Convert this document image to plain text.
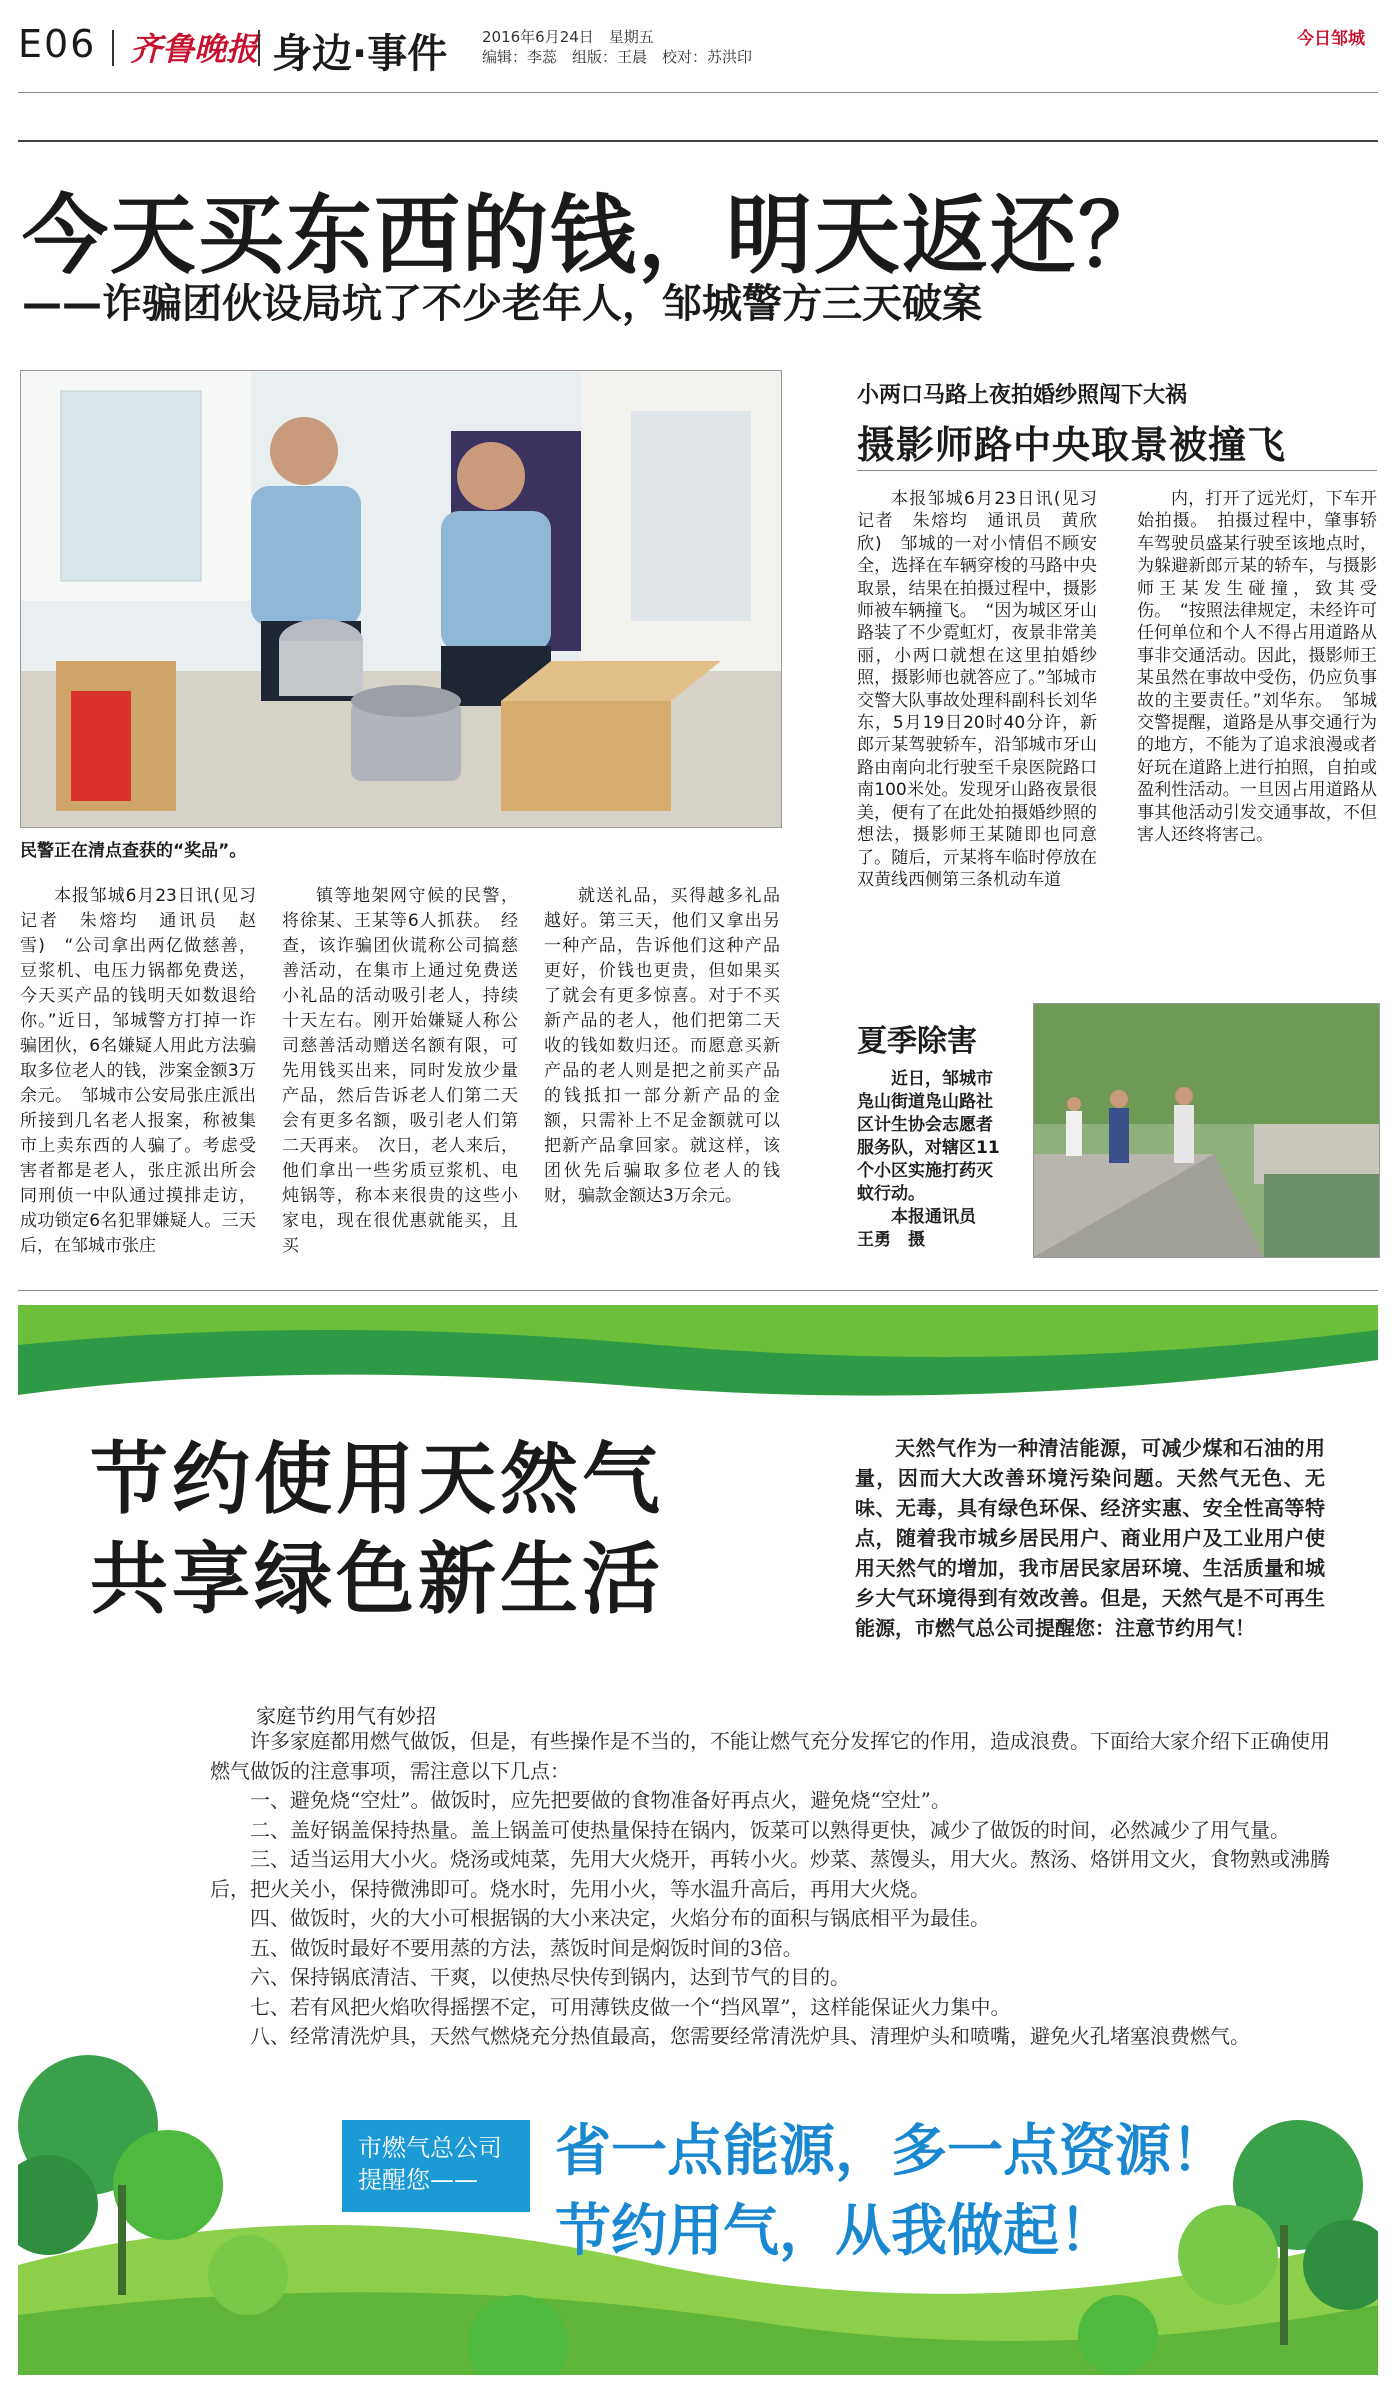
E06 齐鲁晚报 身边·事件 2016年6月24日　星期五
编辑：李蕊　组版：王晨　校对：苏洪印
今日邹城
今天买东西的钱，明天返还？
——诈骗团伙设局坑了不少老年人，邹城警方三天破案
民警正在清点查获的“奖品”。
本报邹城6月23日讯(见习记者　朱熔均　通讯员　赵雪)　“公司拿出两亿做慈善，豆浆机、电压力锅都免费送，今天买产品的钱明天如数退给你。”近日，邹城警方打掉一诈骗团伙，6名嫌疑人用此方法骗取多位老人的钱，涉案金额3万余元。　邹城市公安局张庄派出所接到几名老人报案，称被集市上卖东西的人骗了。考虑受害者都是老人，张庄派出所会同刑侦一中队通过摸排走访，成功锁定6名犯罪嫌疑人。三天后，在邹城市张庄
镇等地架网守候的民警，将徐某、王某等6人抓获。　经查，该诈骗团伙谎称公司搞慈善活动，在集市上通过免费送小礼品的活动吸引老人，持续十天左右。刚开始嫌疑人称公司慈善活动赠送名额有限，可先用钱买出来，同时发放少量产品，然后告诉老人们第二天会有更多名额，吸引老人们第二天再来。　次日，老人来后，他们拿出一些劣质豆浆机、电炖锅等，称本来很贵的这些小家电，现在很优惠就能买，且买
就送礼品，买得越多礼品越好。第三天，他们又拿出另一种产品，告诉他们这种产品更好，价钱也更贵，但如果买了就会有更多惊喜。对于不买新产品的老人，他们把第二天收的钱如数归还。而愿意买新产品的老人则是把之前买产品的钱抵扣一部分新产品的金额，只需补上不足金额就可以把新产品拿回家。就这样，该团伙先后骗取多位老人的钱财，骗款金额达3万余元。
小两口马路上夜拍婚纱照闯下大祸
摄影师路中央取景被撞飞
本报邹城6月23日讯(见习记者　朱熔均　通讯员　黄欣欣)　邹城的一对小情侣不顾安全，选择在车辆穿梭的马路中央取景，结果在拍摄过程中，摄影师被车辆撞飞。　“因为城区牙山路装了不少霓虹灯，夜景非常美丽，小两口就想在这里拍婚纱照，摄影师也就答应了。”邹城市交警大队事故处理科副科长刘华东，5月19日20时40分许，新郎亓某驾驶轿车，沿邹城市牙山路由南向北行驶至千泉医院路口南100米处。发现牙山路夜景很美，便有了在此处拍摄婚纱照的想法，摄影师王某随即也同意了。随后，亓某将车临时停放在双黄线西侧第三条机动车道
内，打开了远光灯，下车开始拍摄。　拍摄过程中，肇事轿车驾驶员盛某行驶至该地点时，为躲避新郎亓某的轿车，与摄影师王某发生碰撞，致其受伤。　“按照法律规定，未经许可任何单位和个人不得占用道路从事非交通活动。因此，摄影师王某虽然在事故中受伤，仍应负事故的主要责任。”刘华东。　邹城交警提醒，道路是从事交通行为的地方，不能为了追求浪漫或者好玩在道路上进行拍照，自拍或盈利性活动。一旦因占用道路从事其他活动引发交通事故，不但害人还终将害己。
夏季除害
近日，邹城市凫山街道凫山路社区计生协会志愿者服务队，对辖区11个小区实施打药灭蚊行动。
本报通讯员　王勇　摄
节约使用天然气
共享绿色新生活
天然气作为一种清洁能源，可减少煤和石油的用量，因而大大改善环境污染问题。天然气无色、无味、无毒，具有绿色环保、经济实惠、安全性高等特点，随着我市城乡居民用户、商业用户及工业用户使用天然气的增加，我市居民家居环境、生活质量和城乡大气环境得到有效改善。但是，天然气是不可再生能源，市燃气总公司提醒您：注意节约用气！
家庭节约用气有妙招

许多家庭都用燃气做饭，但是，有些操作是不当的，不能让燃气充分发挥它的作用，造成浪费。下面给大家介绍下正确使用燃气做饭的注意事项，需注意以下几点：

一、避免烧“空灶”。做饭时，应先把要做的食物准备好再点火，避免烧“空灶”。

二、盖好锅盖保持热量。盖上锅盖可使热量保持在锅内，饭菜可以熟得更快，减少了做饭的时间，必然减少了用气量。

三、适当运用大小火。烧汤或炖菜，先用大火烧开，再转小火。炒菜、蒸馒头，用大火。熬汤、烙饼用文火，食物熟或沸腾后，把火关小，保持微沸即可。烧水时，先用小火，等水温升高后，再用大火烧。

四、做饭时，火的大小可根据锅的大小来决定，火焰分布的面积与锅底相平为最佳。

五、做饭时最好不要用蒸的方法，蒸饭时间是焖饭时间的3倍。

六、保持锅底清洁、干爽，以使热尽快传到锅内，达到节气的目的。

七、若有风把火焰吹得摇摆不定，可用薄铁皮做一个“挡风罩”，这样能保证火力集中。

八、经常清洗炉具，天然气燃烧充分热值最高，您需要经常清洗炉具、清理炉头和喷嘴，避免火孔堵塞浪费燃气。

市燃气总公司
提醒您——	省一点能源，多一点资源！
节约用气，从我做起！
